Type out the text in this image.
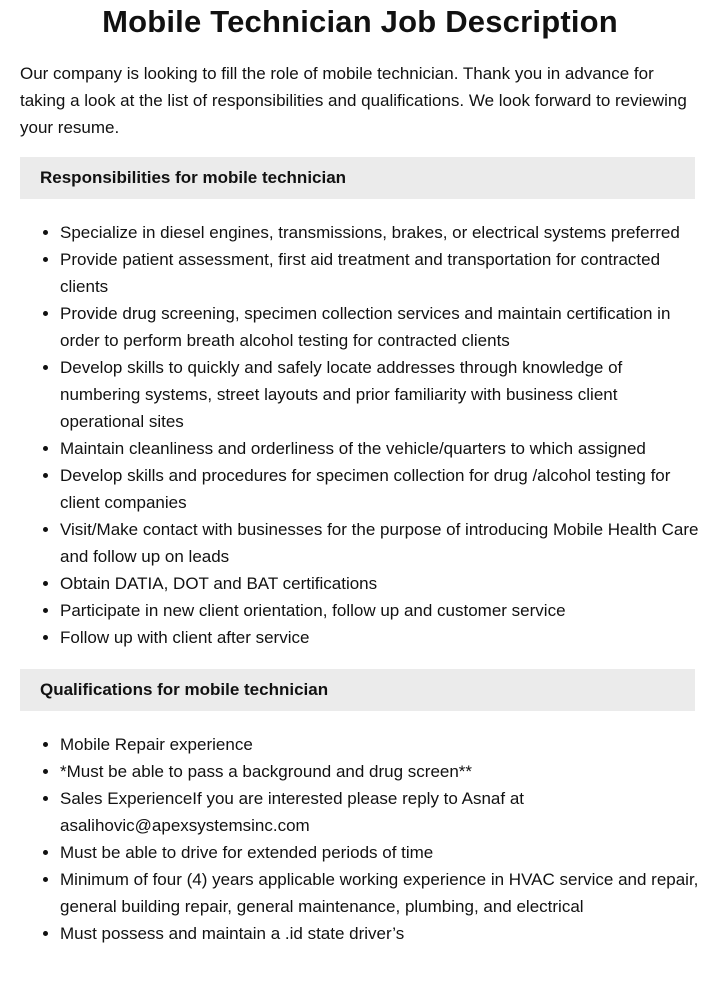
Mobile Technician Job Description

Our company is looking to fill the role of mobile technician. Thank you in advance for taking a look at the list of responsibilities and qualifications. We look forward to reviewing your resume.

Responsibilities for mobile technician
• Specialize in diesel engines, transmissions, brakes, or electrical systems preferred
• Provide patient assessment, first aid treatment and transportation for contracted clients
• Provide drug screening, specimen collection services and maintain certification in order to perform breath alcohol testing for contracted clients
• Develop skills to quickly and safely locate addresses through knowledge of numbering systems, street layouts and prior familiarity with business client operational sites
• Maintain cleanliness and orderliness of the vehicle/quarters to which assigned
• Develop skills and procedures for specimen collection for drug /alcohol testing for client companies
• Visit/Make contact with businesses for the purpose of introducing Mobile Health Care and follow up on leads
• Obtain DATIA, DOT and BAT certifications
• Participate in new client orientation, follow up and customer service
• Follow up with client after service
Qualifications for mobile technician
• Mobile Repair experience
• *Must be able to pass a background and drug screen**
• Sales ExperienceIf you are interested please reply to Asnaf at asalihovic@apexsystemsinc.com
• Must be able to drive for extended periods of time
• Minimum of four (4) years applicable working experience in HVAC service and repair, general building repair, general maintenance, plumbing, and electrical
• Must possess and maintain a .id state driver’s
